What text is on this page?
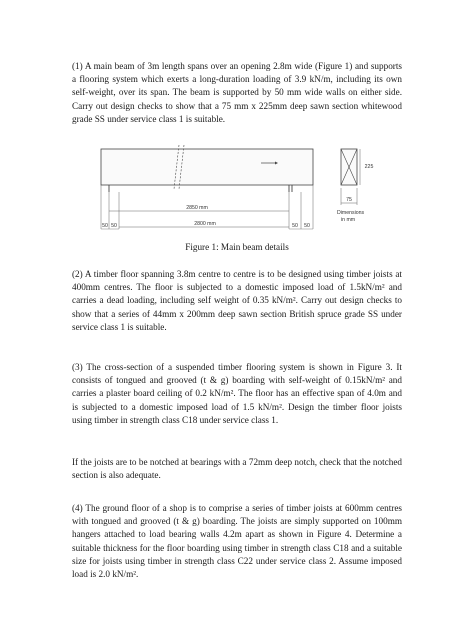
(1) A main beam of 3m length spans over an opening 2.8m wide (Figure 1) and supports a flooring system which exerts a long-duration loading of 3.9 kN/m, including its own self-weight, over its span. The beam is supported by 50 mm wide walls on either side. Carry out design checks to show that a 75 mm x 225mm deep sawn section whitewood grade SS under service class 1 is suitable.
2850 mm
2800 mm
50 50	50 50
225
75
Dimensions
in mm
Figure 1: Main beam details
(2) A timber floor spanning 3.8m centre to centre is to be designed using timber joists at 400mm centres. The floor is subjected to a domestic imposed load of 1.5kN/m² and carries a dead loading, including self weight of 0.35 kN/m². Carry out design checks to show that a series of 44mm x 200mm deep sawn section British spruce grade SS under service class 1 is suitable.
(3) The cross-section of a suspended timber flooring system is shown in Figure 3. It consists of tongued and grooved (t & g) boarding with self-weight of 0.15kN/m² and carries a plaster board ceiling of 0.2 kN/m². The floor has an effective span of 4.0m and is subjected to a domestic imposed load of 1.5 kN/m². Design the timber floor joists using timber in strength class C18 under service class 1.
If the joists are to be notched at bearings with a 72mm deep notch, check that the notched section is also adequate.
(4) The ground floor of a shop is to comprise a series of timber joists at 600mm centres with tongued and grooved (t & g) boarding. The joists are simply supported on 100mm hangers attached to load bearing walls 4.2m apart as shown in Figure 4. Determine a suitable thickness for the floor boarding using timber in strength class C18 and a suitable size for joists using timber in strength class C22 under service class 2. Assume imposed load is 2.0 kN/m².
